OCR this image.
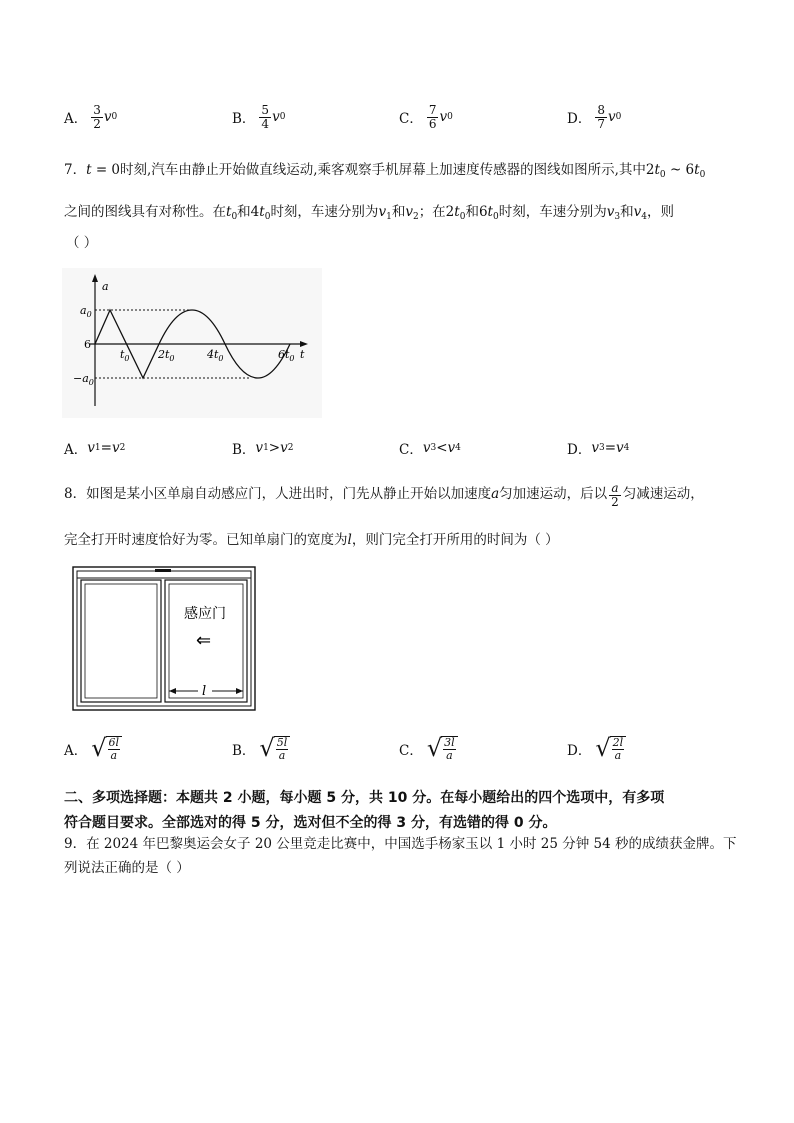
A． $\frac{3}{2}$ v 0	B． $\frac{5}{4}$ v 0	C． $\frac{7}{6}$ v 0	D． $\frac{8}{7}$ v 0
7．t = 0时刻,汽车由静止开始做直线运动,乘客观察手机屏幕上加速度传感器的图线如图所示,其中$2t_0$ ~ $6t_0$
之间的图线具有对称性。在$t_0$和$4t_0$时刻，车速分别为$v_1$和$v_2$；在$2t_0$和$6t_0$时刻，车速分别为$v_3$和$v_4$，则
（ ）
a
t
$a_0$
6
$-a_0$
$t_0$	$2t_0$	$4t_0$	$6t_0$
A． v 1 = v 2	B． v 1 > v 2	C． v 3 < v 4	D． v 3 = v 4
8．如图是某小区单扇自动感应门，人进出时，门先从静止开始以加速度 a 匀加速运动，后以 $\frac{a}{2}$ 匀减速运动，
完全打开时速度恰好为零。已知单扇门的宽度为l，则门完全打开所用的时间为（ ）
感应门
⇐
l
A． √ 6l
a	B． √ 5l
a	C． √ 3l
a	D． √ 2l
a
二、多项选择题：本题共 2 小题，每小题 5 分，共 10 分。在每小题给出的四个选项中，有多项
符合题目要求。全部选对的得 5 分，选对但不全的得 3 分，有选错的得 0 分。
9．在 2024 年巴黎奥运会女子 20 公里竞走比赛中，中国选手杨家玉以 1 小时 25 分钟 54 秒的成绩获金牌。下
列说法正确的是（ ）
